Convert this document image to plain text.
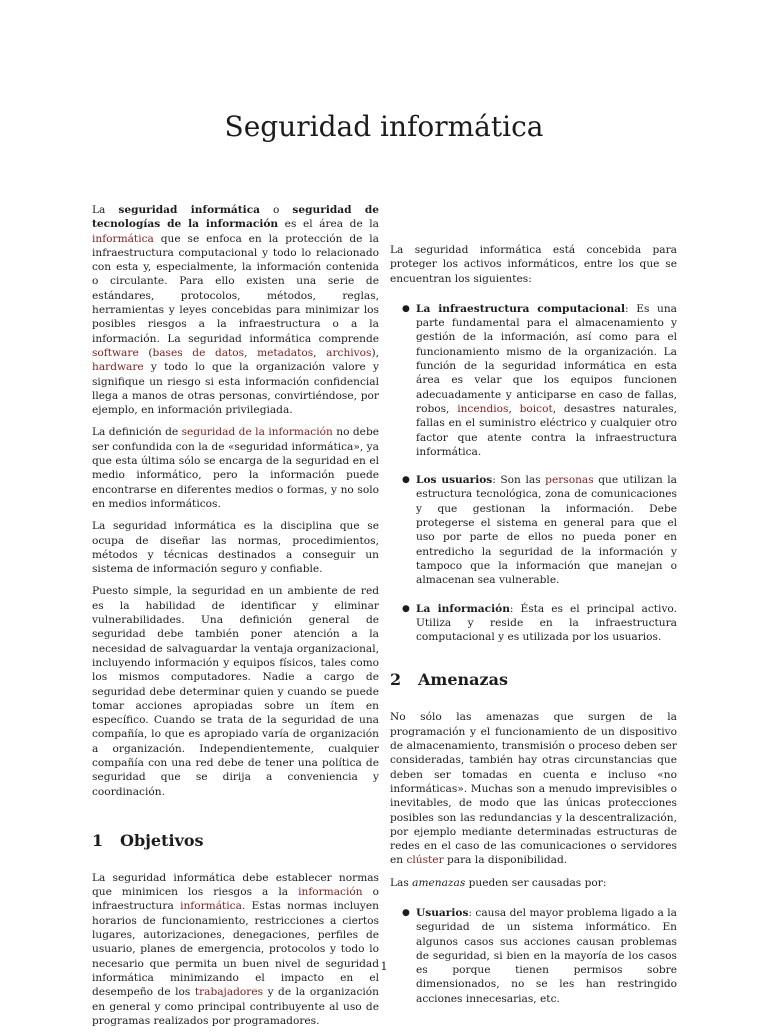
Seguridad informática

La seguridad informática o seguridad de tecnologías de la información es el área de la informática que se enfoca en la protección de la infraestructura computacional y todo lo relacionado con esta y, especialmente, la información contenida o circulante. Para ello existen una serie de estándares, protocolos, métodos, reglas, herramientas y leyes concebidas para minimizar los posibles riesgos a la infraestructura o a la información. La seguridad informática comprende software (bases de datos, metadatos, archivos), hardware y todo lo que la organización valore y signifique un riesgo si esta información confidencial llega a manos de otras personas, convirtiéndose, por ejemplo, en información privilegiada.

La definición de seguridad de la información no debe ser confundida con la de «seguridad informática», ya que esta última sólo se encarga de la seguridad en el medio informático, pero la información puede encontrarse en diferentes medios o formas, y no solo en medios informáticos.

La seguridad informática es la disciplina que se ocupa de diseñar las normas, procedimientos, métodos y técnicas destinados a conseguir un sistema de información seguro y confiable.

Puesto simple, la seguridad en un ambiente de red es la habilidad de identificar y eliminar vulnerabilidades. Una definición general de seguridad debe también poner atención a la necesidad de salvaguardar la ventaja organizacional, incluyendo información y equipos físicos, tales como los mismos computadores. Nadie a cargo de seguridad debe determinar quien y cuando se puede tomar acciones apropiadas sobre un ítem en específico. Cuando se trata de la seguridad de una compañía, lo que es apropiado varía de organización a organización. Independientemente, cualquier compañía con una red debe de tener una política de seguridad que se dirija a conveniencia y coordinación.

1 Objetivos

La seguridad informática debe establecer normas que minimicen los riesgos a la información o infraestructura informática. Estas normas incluyen horarios de funcionamiento, restricciones a ciertos lugares, autorizaciones, denegaciones, perfiles de usuario, planes de emergencia, protocolos y todo lo necesario que permita un buen nivel de seguridad informática minimizando el impacto en el desempeño de los trabajadores y de la organización en general y como principal contribuyente al uso de programas realizados por programadores.

La seguridad informática está concebida para proteger los activos informáticos, entre los que se encuentran los siguientes:

● La infraestructura computacional: Es una parte fundamental para el almacenamiento y gestión de la información, así como para el funcionamiento mismo de la organización. La función de la seguridad informática en esta área es velar que los equipos funcionen adecuadamente y anticiparse en caso de fallas, robos, incendios, boicot, desastres naturales, fallas en el suministro eléctrico y cualquier otro factor que atente contra la infraestructura informática.
● Los usuarios: Son las personas que utilizan la estructura tecnológica, zona de comunicaciones y que gestionan la información. Debe protegerse el sistema en general para que el uso por parte de ellos no pueda poner en entredicho la seguridad de la información y tampoco que la información que manejan o almacenan sea vulnerable.
● La información: Ésta es el principal activo. Utiliza y reside en la infraestructura computacional y es utilizada por los usuarios.
2 Amenazas

No sólo las amenazas que surgen de la programación y el funcionamiento de un dispositivo de almacenamiento, transmisión o proceso deben ser consideradas, también hay otras circunstancias que deben ser tomadas en cuenta e incluso «no informáticas». Muchas son a menudo imprevisibles o inevitables, de modo que las únicas protecciones posibles son las redundancias y la descentralización, por ejemplo mediante determinadas estructuras de redes en el caso de las comunicaciones o servidores en clúster para la disponibilidad.

Las amenazas pueden ser causadas por:

● Usuarios: causa del mayor problema ligado a la seguridad de un sistema informático. En algunos casos sus acciones causan problemas de seguridad, si bien en la mayoría de los casos es porque tienen permisos sobre dimensionados, no se les han restringido acciones innecesarias, etc.
1
